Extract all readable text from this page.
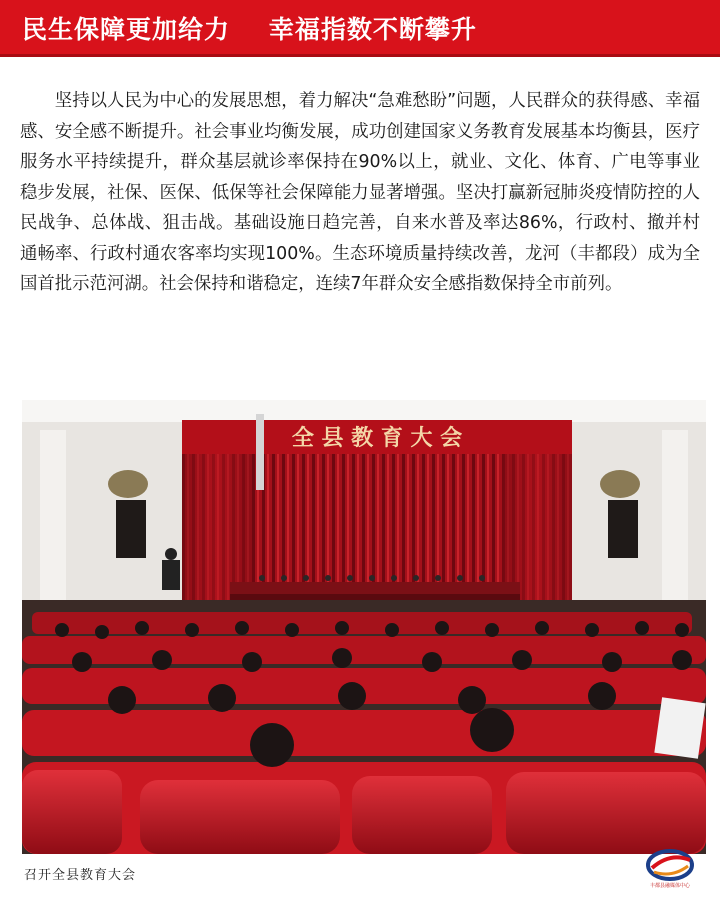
民生保障更加给力    幸福指数不断攀升

坚持以人民为中心的发展思想，着力解决“急难愁盼”问题，人民群众的获得感、幸福感、安全感不断提升。社会事业均衡发展，成功创建国家义务教育发展基本均衡县，医疗服务水平持续提升，群众基层就诊率保持在90%以上，就业、文化、体育、广电等事业稳步发展，社保、医保、低保等社会保障能力显著增强。坚决打赢新冠肺炎疫情防控的人民战争、总体战、狙击战。基础设施日趋完善，自来水普及率达86%，行政村、撤并村通畅率、行政村通农客率均实现100%。生态环境质量持续改善，龙河（丰都段）成为全国首批示范河湖。社会保持和谐稳定，连续7年群众安全感指数保持全市前列。

全 县 教 育 大 会
召开全县教育大会
丰都县融媒体中心
